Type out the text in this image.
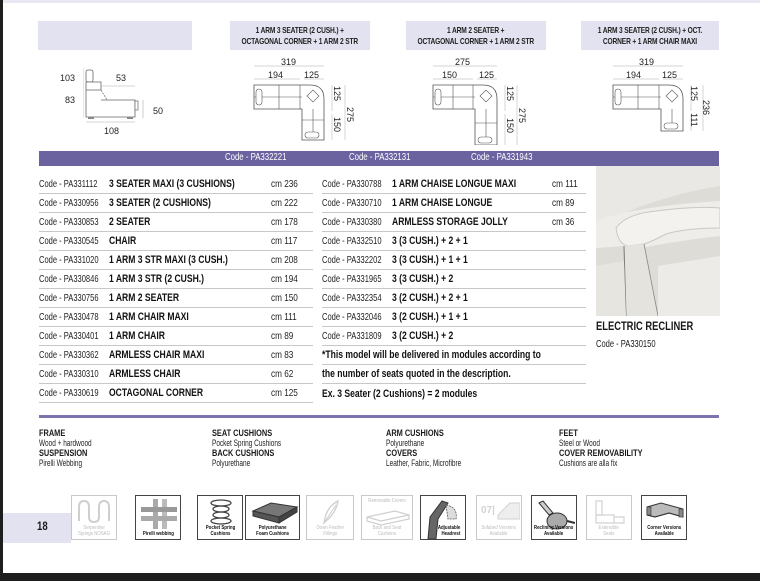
1 ARM 3 SEATER (2 CUSH.) +
OCTAGONAL CORNER + 1 ARM 2 STR
1 ARM 2 SEATER +
OCTAGONAL CORNER + 1 ARM 2 STR
1 ARM 3 SEATER (2 CUSH.) + OCT.
CORNER + 1 ARM CHAIR MAXI
103	53
83
50
108
319
194 125
125
150
275
275
150 125
125
150
275
319
194 125
125
111
236
Code - PA332221	Code - PA332131	Code - PA331943
Code - PA331112	3 SEATER MAXI (3 CUSHIONS)	cm 236
Code - PA330956 3 SEATER (2 CUSHIONS)	cm 222
Code - PA330853 2 SEATER	cm 178
Code - PA330545 CHAIR	cm 117
Code - PA331020 1 ARM 3 STR MAXI (3 CUSH.)	cm 208
Code - PA330846 1 ARM 3 STR (2 CUSH.)	cm 194
Code - PA330756 1 ARM 2 SEATER	cm 150
Code - PA330478 1 ARM CHAIR MAXI	cm 111
Code - PA330401 1 ARM CHAIR	cm 89
Code - PA330362 ARMLESS CHAIR MAXI	cm 83
Code - PA330310 ARMLESS CHAIR	cm 62
Code - PA330619 OCTAGONAL CORNER	cm 125
Code - PA330788 1 ARM CHAISE LONGUE MAXI	cm 111
Code - PA330710 1 ARM CHAISE LONGUE	cm 89
Code - PA330380 ARMLESS STORAGE JOLLY	cm 36
Code - PA332510 3 (3 CUSH.) + 2 + 1
Code - PA332202 3 (3 CUSH.) + 1 + 1
Code - PA331965 3 (3 CUSH.) + 2
Code - PA332354 3 (2 CUSH.) + 2 + 1
Code - PA332046 3 (2 CUSH.) + 1 + 1
Code - PA331809 3 (2 CUSH.) + 2
*This model will be delivered in modules according to
the number of seats quoted in the description.
Ex. 3 Seater (2 Cushions) = 2 modules
ELECTRIC RECLINER
Code - PA330150
FRAME
Wood + hardwood
SUSPENSION
Pirelli Webbing
SEAT CUSHIONS
Pocket Spring Cushions
BACK CUSHIONS
Polyurethane
ARM CUSHIONS
Polyurethane
COVERS
Leather, Fabric, Microfibre
FEET
Steel or Wood
COVER REMOVABILITY
Cushions are alla fix
18	Serpentine
Springs NOSAG	Pirelli webbing
Pocket Spring
Cushions
Polyurethane
Foam Cushions
Down Feather
Fillings
Removable Covers
Back and Seat
Cushions
Adjustable
Headrest
07|
Sofabed Versions
Available
Reclining Versions
Available
Extensible
Seats
Corner Versions
Available
